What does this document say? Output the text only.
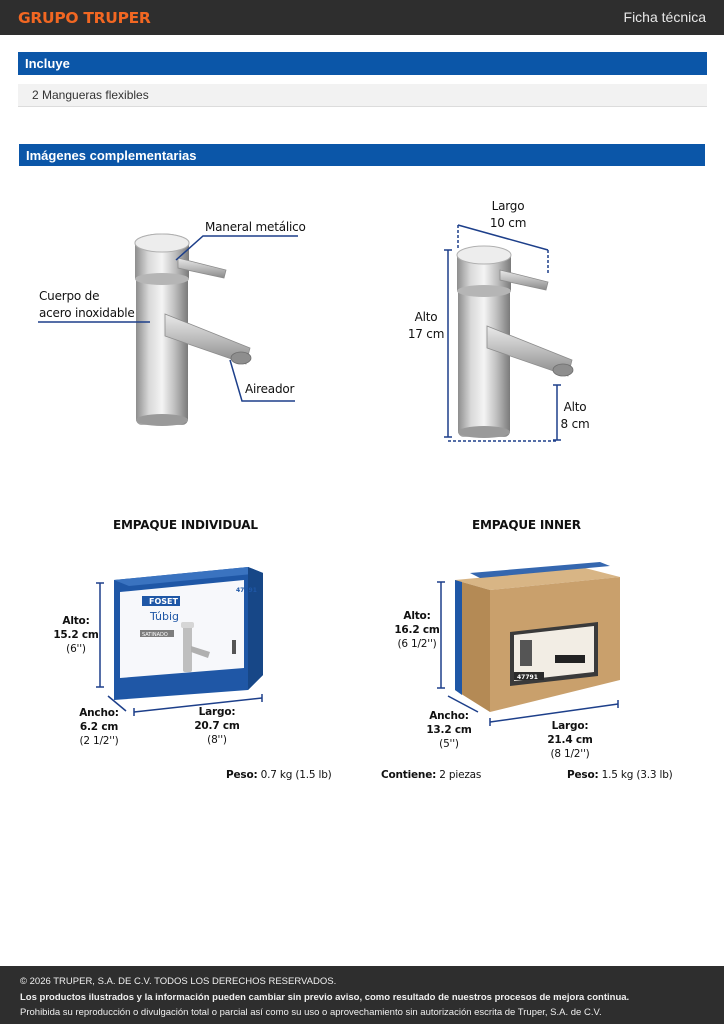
GRUPO TRUPER	Ficha técnica
Incluye
2 Mangueras flexibles
Imágenes complementarias
Maneral metálico
Cuerpo de
acero inoxidable
Aireador
Largo
10 cm
Alto
17 cm
Alto
8 cm
EMPAQUE INDIVIDUAL	EMPAQUE INNER
FOSET
Túbig
SATINADO
47791
47791
Alto:
15.2 cm
(6'')
Ancho:
6.2 cm
(2 1/2'')
Largo:
20.7 cm
(8'')
Peso: 0.7 kg (1.5 lb)
Alto:
16.2 cm
(6 1/2'')
Ancho:
13.2 cm
(5'')
Largo:
21.4 cm
(8 1/2'')
Contiene: 2 piezas	Peso: 1.5 kg (3.3 lb)
© 2026 TRUPER, S.A. DE C.V. TODOS LOS DERECHOS RESERVADOS.
Los productos ilustrados y la información pueden cambiar sin previo aviso, como resultado de nuestros procesos de mejora continua.
Prohibida su reproducción o divulgación total o parcial así como su uso o aprovechamiento sin autorización escrita de Truper, S.A. de C.V.
